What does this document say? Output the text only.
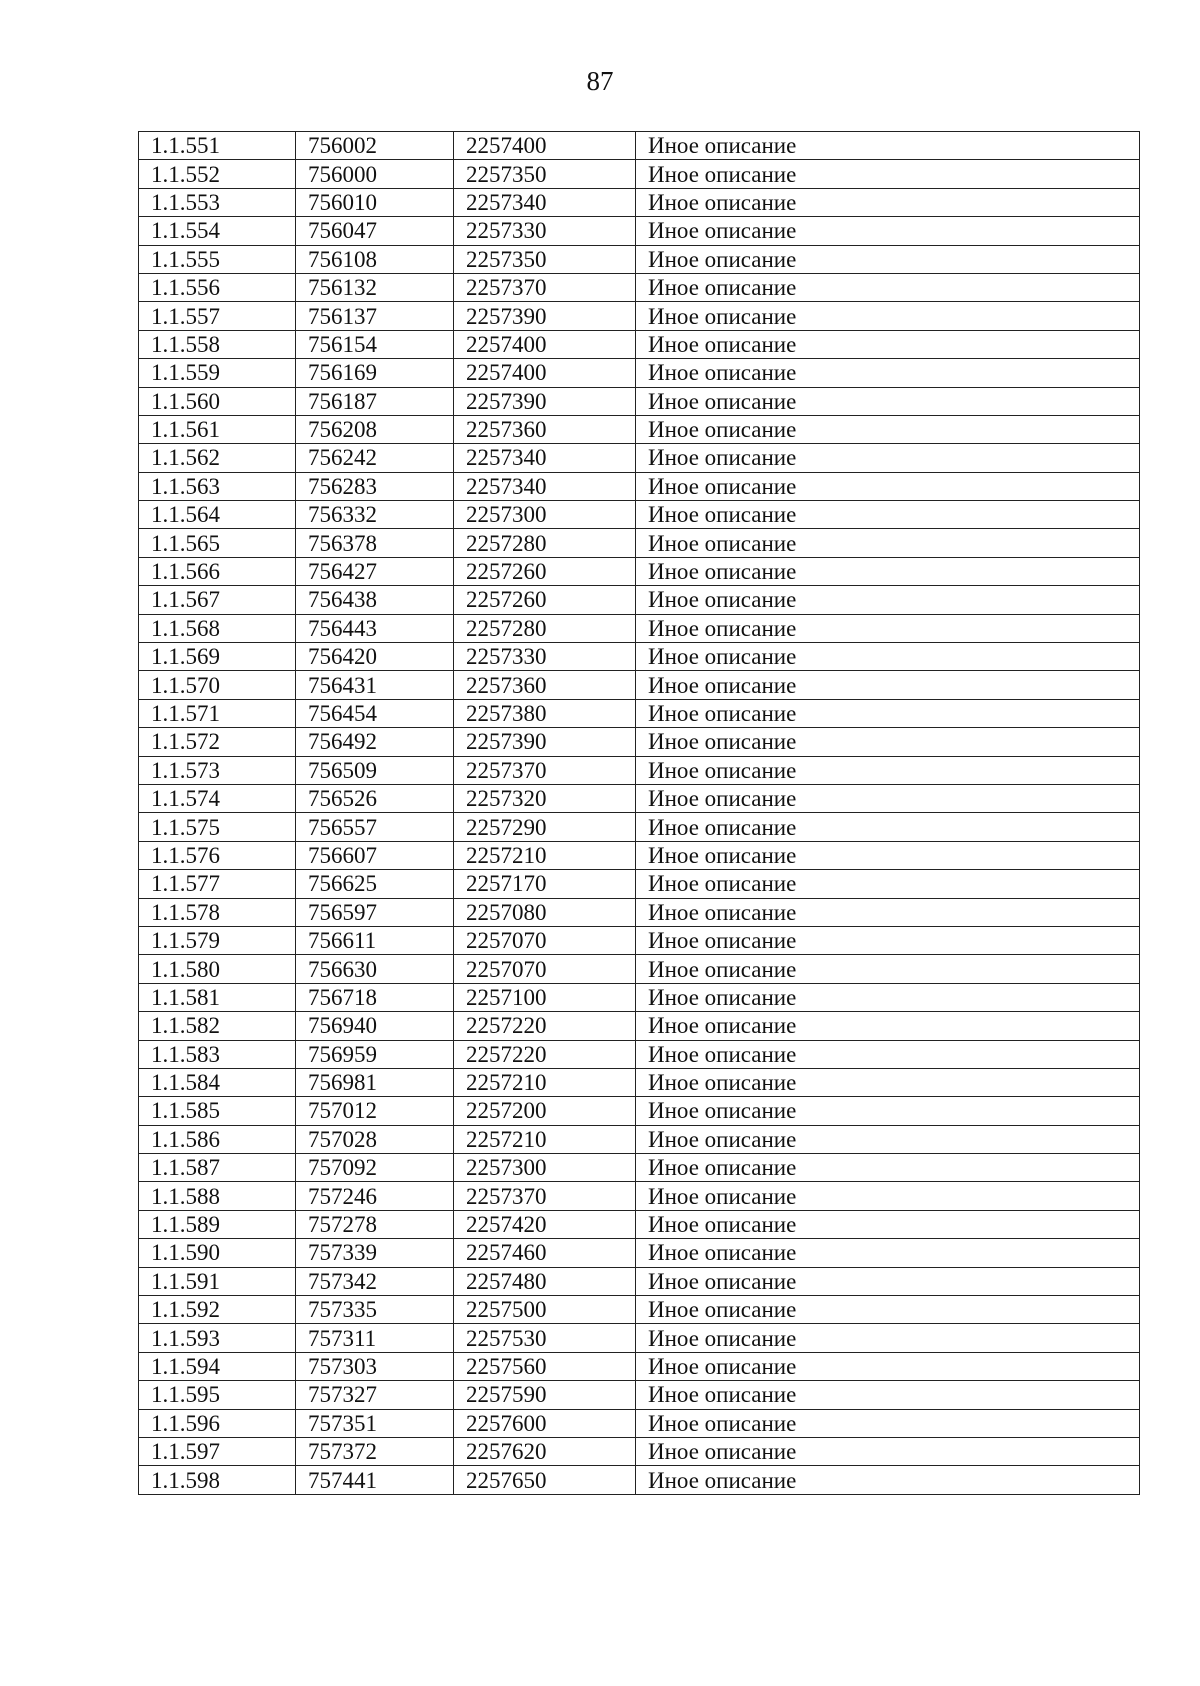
87
1.1.551	756002	2257400	Иное описание
1.1.552	756000	2257350	Иное описание
1.1.553	756010	2257340	Иное описание
1.1.554	756047	2257330	Иное описание
1.1.555	756108	2257350	Иное описание
1.1.556	756132	2257370	Иное описание
1.1.557	756137	2257390	Иное описание
1.1.558	756154	2257400	Иное описание
1.1.559	756169	2257400	Иное описание
1.1.560	756187	2257390	Иное описание
1.1.561	756208	2257360	Иное описание
1.1.562	756242	2257340	Иное описание
1.1.563	756283	2257340	Иное описание
1.1.564	756332	2257300	Иное описание
1.1.565	756378	2257280	Иное описание
1.1.566	756427	2257260	Иное описание
1.1.567	756438	2257260	Иное описание
1.1.568	756443	2257280	Иное описание
1.1.569	756420	2257330	Иное описание
1.1.570	756431	2257360	Иное описание
1.1.571	756454	2257380	Иное описание
1.1.572	756492	2257390	Иное описание
1.1.573	756509	2257370	Иное описание
1.1.574	756526	2257320	Иное описание
1.1.575	756557	2257290	Иное описание
1.1.576	756607	2257210	Иное описание
1.1.577	756625	2257170	Иное описание
1.1.578	756597	2257080	Иное описание
1.1.579	756611	2257070	Иное описание
1.1.580	756630	2257070	Иное описание
1.1.581	756718	2257100	Иное описание
1.1.582	756940	2257220	Иное описание
1.1.583	756959	2257220	Иное описание
1.1.584	756981	2257210	Иное описание
1.1.585	757012	2257200	Иное описание
1.1.586	757028	2257210	Иное описание
1.1.587	757092	2257300	Иное описание
1.1.588	757246	2257370	Иное описание
1.1.589	757278	2257420	Иное описание
1.1.590	757339	2257460	Иное описание
1.1.591	757342	2257480	Иное описание
1.1.592	757335	2257500	Иное описание
1.1.593	757311	2257530	Иное описание
1.1.594	757303	2257560	Иное описание
1.1.595	757327	2257590	Иное описание
1.1.596	757351	2257600	Иное описание
1.1.597	757372	2257620	Иное описание
1.1.598	757441	2257650	Иное описание
